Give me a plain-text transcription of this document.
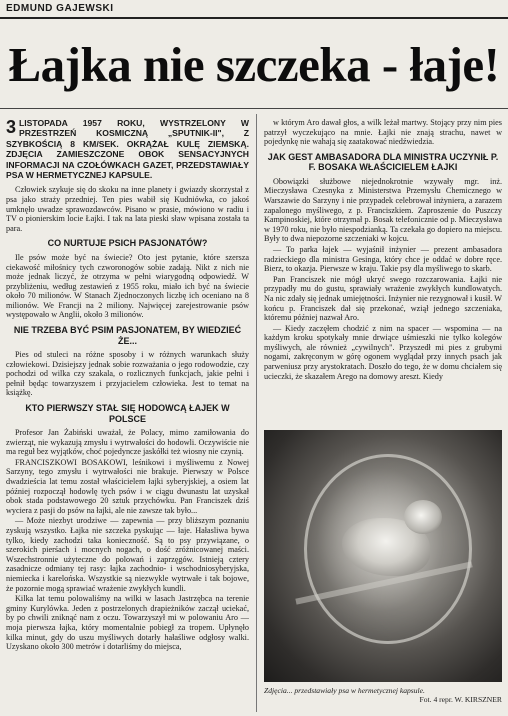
EDMUND GAJEWSKI
Łajka nie szczeka - łaje!
3 LISTOPADA 1957 ROKU, WYSTRZELONY W PRZESTRZEŃ KOSMICZNĄ „SPUTNIK-II", Z SZYBKOŚCIĄ 8 KM/SEK. OKRĄŻAŁ KULĘ ZIEMSKĄ. ZDJĘCIA ZAMIESZCZONE OBOK SENSACYJNYCH INFORMACJI NA CZOŁÓWKACH GAZET, PRZEDSTAWIAŁY PSA W HERMETYCZNEJ KAPSULE.
Człowiek szykuje się do skoku na inne planety i gwiazdy skorzystał z psa jako straży przedniej. Ten pies wabił się Kudniówka, co jakoś umknęło uwadze sprawozdawców. Pisano w prasie, mówiono w radiu i TV o pionierskim locie Łajki. I tak na lata pieski sław wpisana została ta para.
CO NURTUJE PSICH PASJONATÓW?
Ile psów może być na świecie? Oto jest pytanie, które szersza ciekawość miłośnicy tych czworonogów sobie zadają. Nikt z nich nie może jednak liczyć, że otrzyma w pełni wiarygodną odpowiedź. W przybliżeniu, według zestawień z 1955 roku, miało ich być na świecie około 70 milionów. W Stanach Zjednoczonych liczbę ich oceniano na 8 milionów. We Francji na 2 miliony. Najwięcej zarejestrowanie psów występowało w Anglii, około 3 milionów.
NIE TRZEBA BYĆ PSIM PASJONATEM, BY WIEDZIEĆ ŻE...
Pies od stuleci na różne sposoby i w różnych warunkach służy człowiekowi. Dzisiejszy jednak sobie rozważania o jego rodowodzie, czy pochodzi od wilka czy szakala, o rozlicznych funkcjach, jakie pełni i pełnił będąc towarzyszem i przyjacielem człowieka. Jest to temat na książkę.
KTO PIERWSZY STAŁ SIĘ HODOWCĄ ŁAJEK W POLSCE
Profesor Jan Żabiński uważał, że Polacy, mimo zamiłowania do zwierząt, nie wykazują zmysłu i wytrwałości do hodowli. Oczywiście nie ma reguł bez wyjątków, choć pojedyncze jaskółki też wiosny nie czynią.
FRANCISZKOWI BOSAKOWI, leśnikowi i myśliwemu z Nowej Sarzyny, tego zmysłu i wytrwałości nie brakuje. Pierwszy w Polsce dwadzieścia lat temu został właścicielem łajki syberyjskiej, a osiem lat później rozpoczął hodowlę tych psów i w ciągu dwunastu lat uzyskał obok stada podstawowego 20 sztuk przychówku. Pan Franciszek dziś wyciera z pasji do psów na łajki, ale nie zawsze tak było...
— Może niezbyt urodziwe — zapewnia — przy bliższym poznaniu zyskują wszystko. Łajka nie szczeka pyskując — łaje. Hałasliwa bywa tylko, kiedy zachodzi taka konieczność. Są to psy przywiązane, o szerokich pierśach i mocnych nogach, o dość zróżnicowanej maści. Wszechstronnie użyteczne do polowań i zaprzęgów. Istnieją cztery zasadnicze odmiany tej rasy: łajka zachodnio- i wschodniosyberyjska, niemiecka i karelońska. Wszystkie są niezwykle wytrwałe i tak bojowe, że pozornie mogą sprawiać wrażenie zwykłych kundli.
Kilka lat temu polowaliśmy na wilki w lasach Jastrzębca na terenie gminy Kurylówka. Jeden z postrzelonych drapieżników zaczął uciekać, by po chwili zniknąć nam z oczu. Towarzyszył mi w polowaniu Aro — moja pierwsza łajka, który momentalnie pobiegł za tropem. Upłynęło kilka minut, gdy do uszu myśliwych dotarły hałaśliwe odgłosy walki. Uzyskano około 300 metrów i dotarliśmy do miejsca,
w którym Aro dawał głos, a wilk leżał martwy. Stojący przy nim pies patrzył wyczekująco na mnie. Łajki nie znają strachu, nawet w pojedynkę nie wahają się zaatakować niedźwiedzia.
JAK GEST AMBASADORA DLA MINISTRA UCZYNIŁ P. F. BOSAKA WŁAŚCICIELEM ŁAJKI
Obowiązki służbowe niejednokrotnie wzywały mgr. inż. Mieczysława Czesnyka z Ministerstwa Przemysłu Chemicznego w Warszawie do Sarzyny i nie przypadek celebrował inżyniera, a zarazem zapalonego myśliwego, z p. Franciszkiem. Zaproszenie do Puszczy Kampinoskiej, które otrzymał p. Bosak telefonicznie od p. Mieczysława w 1970 roku, nie było niespodzianką. Ta czekała go dopiero na miejscu. Były to dwa niepozorne szczeniaki w kojcu.
— To parka łajek — wyjaśnił inżynier — prezent ambasadora radzieckiego dla ministra Gesinga, który chce je oddać w dobre ręce. Bierz, to okazja. Pierwsze w kraju. Takie psy dla myśliwego to skarb.
Pan Franciszek nie mógł ukryć swego rozczarowania. Łajki nie przypadły mu do gustu, sprawiały wrażenie zwykłych kundlowatych. Na nic zdały się jednak umiejętności. Inżynier nie rezygnował i kusił. W końcu p. Franciszek dał się przekonać, wziął jednego szczeniaka, któremu później nazwał Aro.
— Kiedy zaczęłem chodzić z nim na spacer — wspomina — na każdym kroku spotykały mnie drwiące uśmieszki nie tylko kolegów myśliwych, ale również „cywilnych". Przyszedł mi pies z grubymi nogami, zakręconym w górę ogonem wyglądał przy innych psach jak parweniusz przy arystokratach. Doszło do tego, że w domu chciałem się ucieczki, że skazałem Arego na domowy areszt. Kiedy
Zdjęcia... przedstawiały psa w hermetycznej kapsule.
Fot. 4 repr. W. KIRSZNER
